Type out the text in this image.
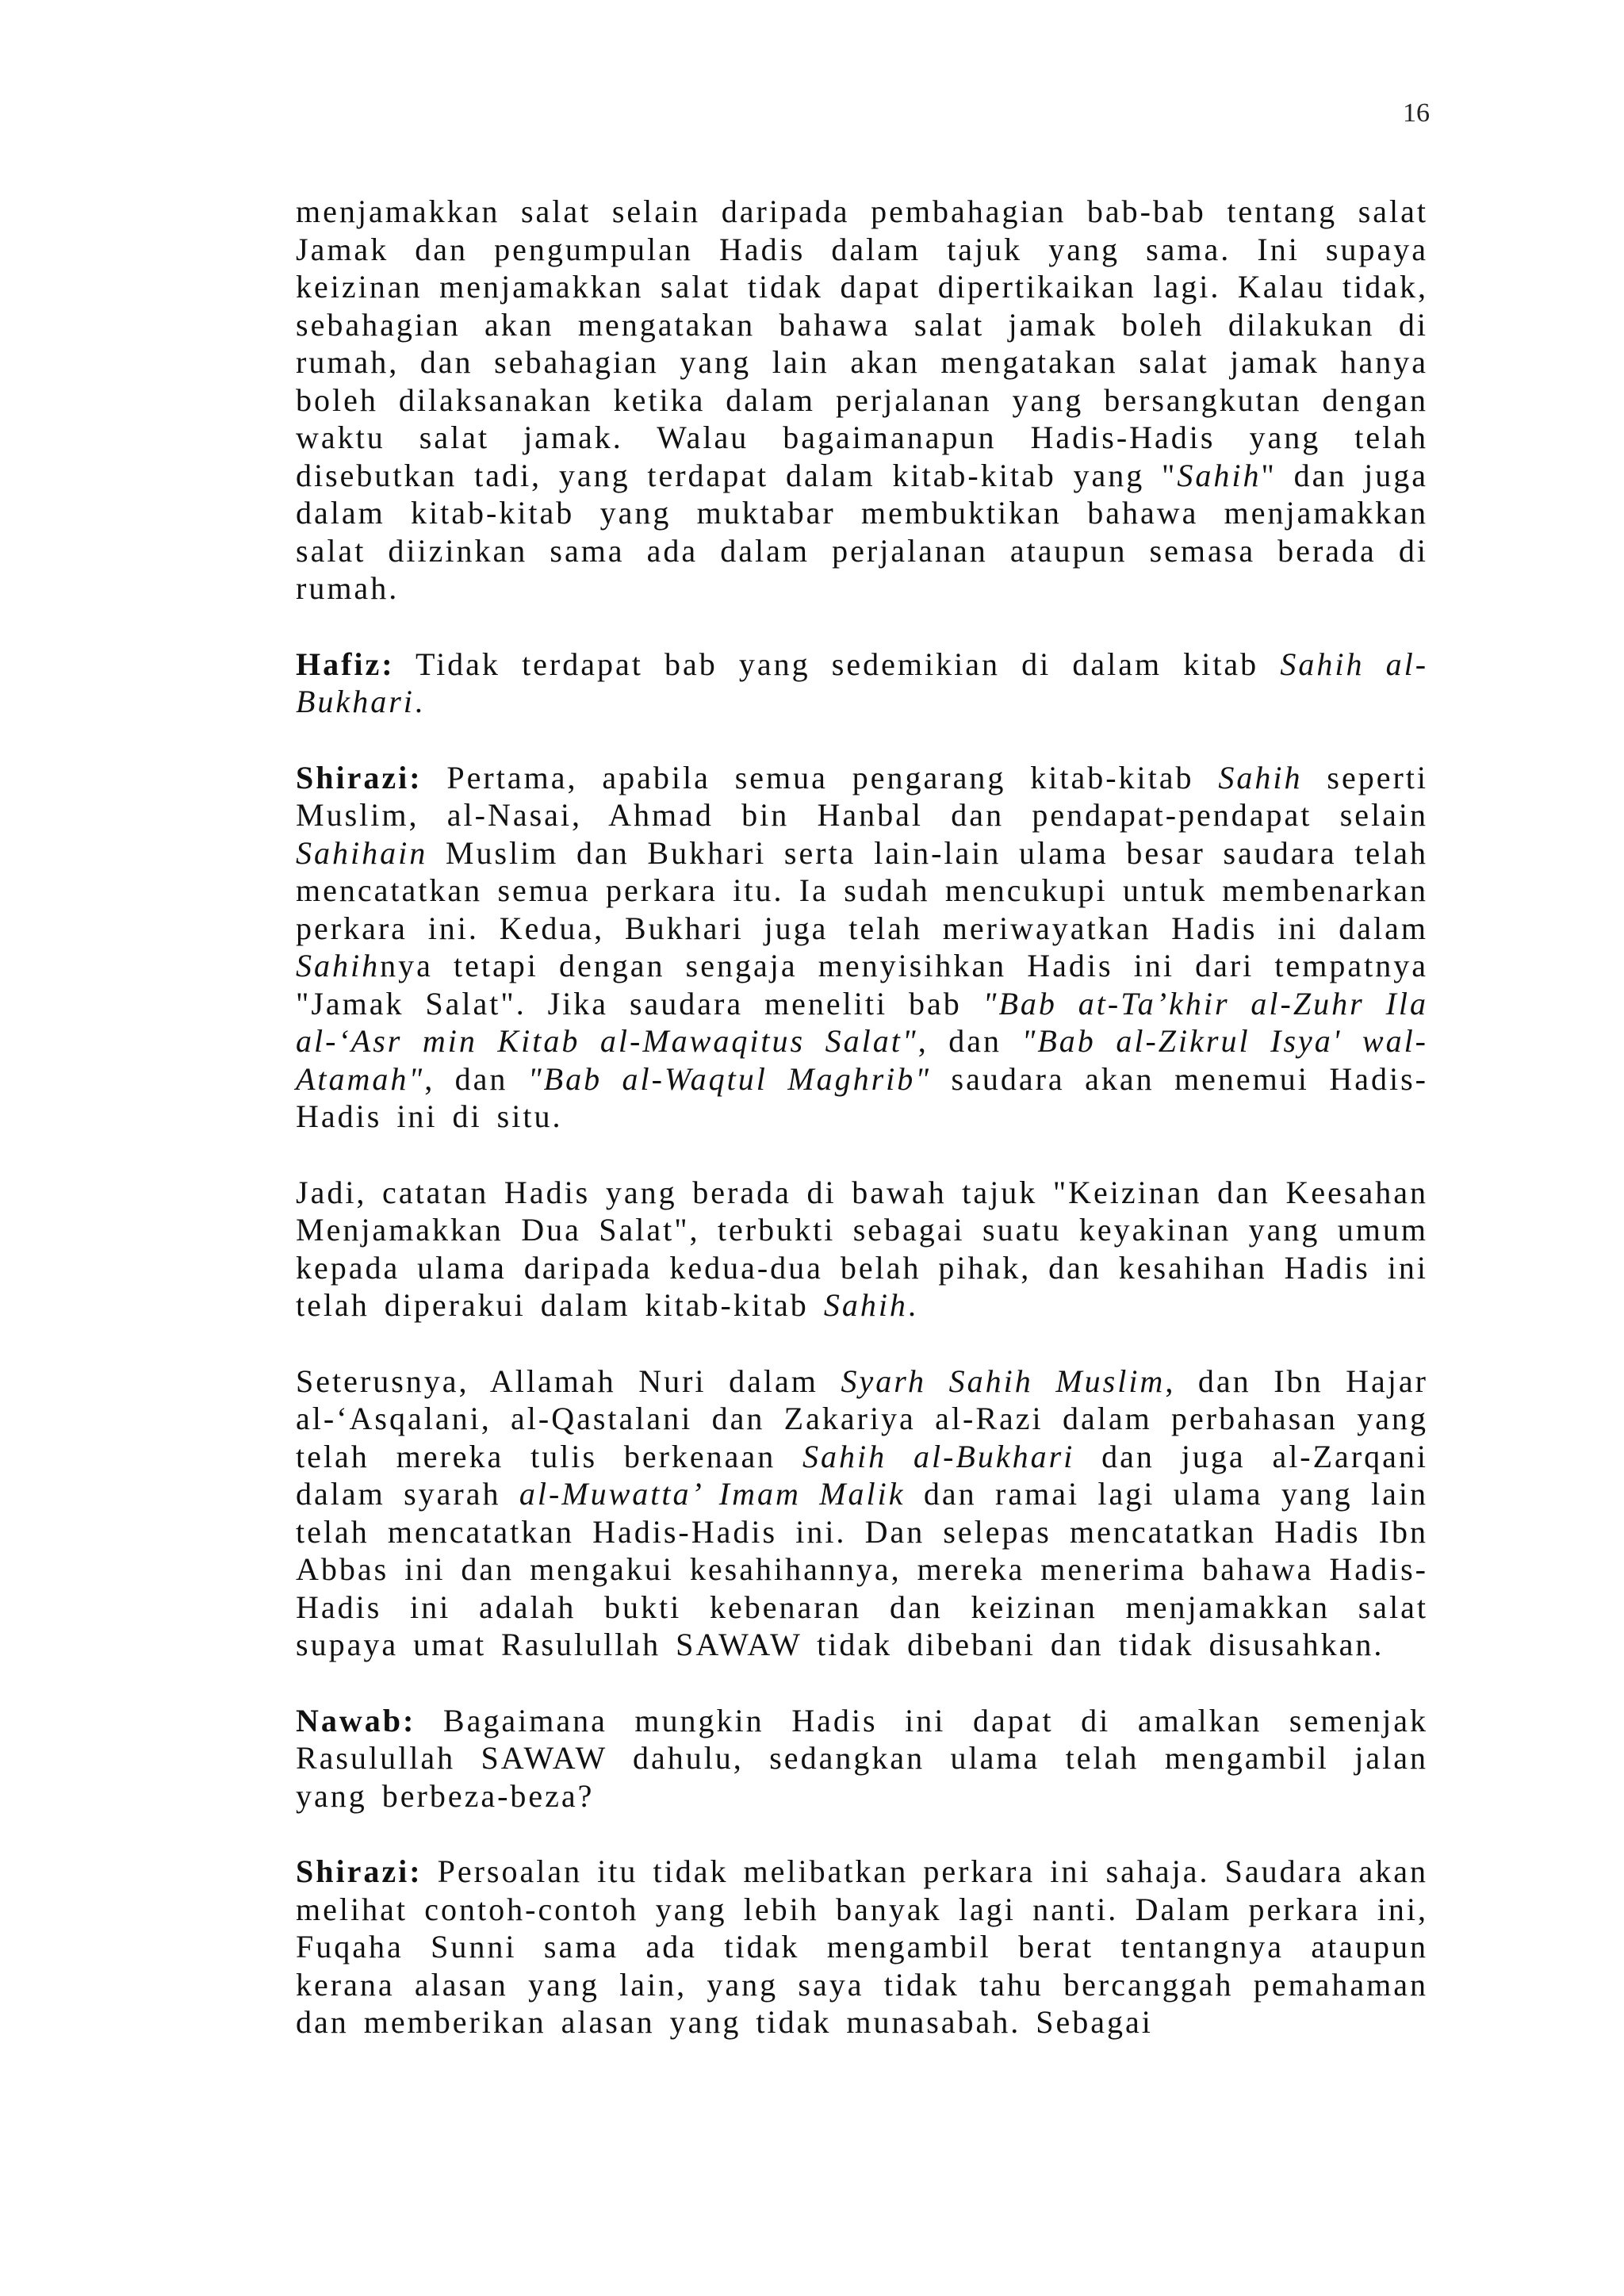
16

menjamakkan salat selain daripada pembahagian bab-bab tentang salat Jamak dan pengumpulan Hadis dalam tajuk yang sama. Ini supaya keizinan menjamakkan salat tidak dapat dipertikaikan lagi. Kalau tidak, sebahagian akan mengatakan bahawa salat jamak boleh dilakukan di rumah, dan sebahagian yang lain akan mengatakan salat jamak hanya boleh dilaksanakan ketika dalam perjalanan yang bersangkutan dengan waktu salat jamak. Walau bagaimanapun Hadis-Hadis yang telah disebutkan tadi, yang terdapat dalam kitab-kitab yang "Sahih" dan juga dalam kitab-kitab yang muktabar membuktikan bahawa menjamakkan salat diizinkan sama ada dalam perjalanan ataupun semasa berada di rumah.

Hafiz: Tidak terdapat bab yang sedemikian di dalam kitab Sahih al-Bukhari.

Shirazi: Pertama, apabila semua pengarang kitab-kitab Sahih seperti Muslim, al-Nasai, Ahmad bin Hanbal dan pendapat-pendapat selain Sahihain Muslim dan Bukhari serta lain-lain ulama besar saudara telah mencatatkan semua perkara itu. Ia sudah mencukupi untuk membenarkan perkara ini. Kedua, Bukhari juga telah meriwayatkan Hadis ini dalam Sahihnya tetapi dengan sengaja menyisihkan Hadis ini dari tempatnya "Jamak Salat". Jika saudara meneliti bab "Bab at-Ta’khir al-Zuhr Ila al-‘Asr min Kitab al-Mawaqitus Salat", dan "Bab al-Zikrul Isya' wal-Atamah", dan "Bab al-Waqtul Maghrib" saudara akan menemui Hadis-Hadis ini di situ.

Jadi, catatan Hadis yang berada di bawah tajuk "Keizinan dan Keesahan Menjamakkan Dua Salat", terbukti sebagai suatu keyakinan yang umum kepada ulama daripada kedua-dua belah pihak, dan kesahihan Hadis ini telah diperakui dalam kitab-kitab Sahih.

Seterusnya, Allamah Nuri dalam Syarh Sahih Muslim, dan Ibn Hajar al-‘Asqalani, al-Qastalani dan Zakariya al-Razi dalam perbahasan yang telah mereka tulis berkenaan Sahih al-Bukhari dan juga al-Zarqani dalam syarah al-Muwatta’ Imam Malik dan ramai lagi ulama yang lain telah mencatatkan Hadis-Hadis ini. Dan selepas mencatatkan Hadis Ibn Abbas ini dan mengakui kesahihannya, mereka menerima bahawa Hadis-Hadis ini adalah bukti kebenaran dan keizinan menjamakkan salat supaya umat Rasulullah SAWAW tidak dibebani dan tidak disusahkan.

Nawab: Bagaimana mungkin Hadis ini dapat di amalkan semenjak Rasulullah SAWAW dahulu, sedangkan ulama telah mengambil jalan yang berbeza-beza?

Shirazi: Persoalan itu tidak melibatkan perkara ini sahaja. Saudara akan melihat contoh-contoh yang lebih banyak lagi nanti. Dalam perkara ini, Fuqaha Sunni sama ada tidak mengambil berat tentangnya ataupun kerana alasan yang lain, yang saya tidak tahu bercanggah pemahaman dan memberikan alasan yang tidak munasabah. Sebagai
